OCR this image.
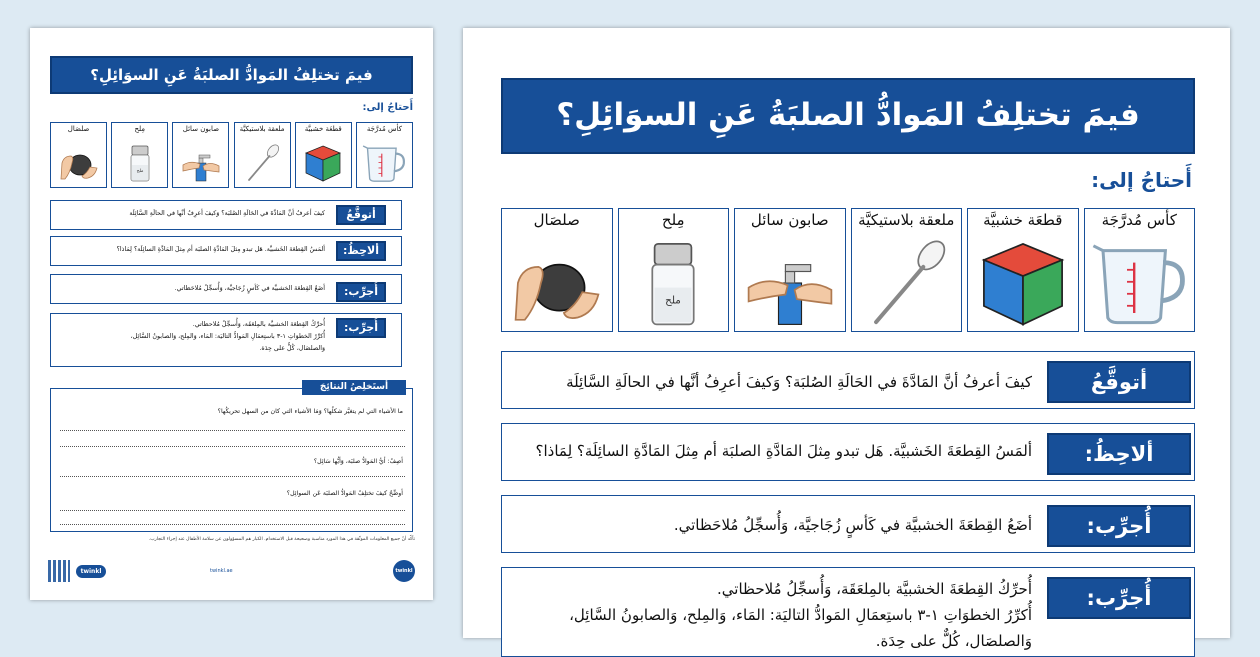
فيمَ تختلِفُ المَوادُّ الصلبَةُ عَنِ السوَائِلِ؟
أَحتاجُ إلى:
كأس مُدرَّجَة
قطعَة خشبيَّة
ملعقة بلاستيكيَّة
صابون سائل
مِلح
ملح
صلصَال
أتوقَّعُ
كيفَ أعرفُ أنَّ المَادَّةَ في الحَالَةِ الصُلبَة؟ وَكيفَ أعرِفُ أنَّها في الحالَةِ السَّائِلَة
ألاحِظُ:
ألمَسُ القِطعَةَ الخَشبيَّة. هَل تبدو مِثلَ المَادَّةِ الصلبَة أم مِثلَ المَادَّةِ السائِلَة؟ لِمَاذا؟
أُجرِّب:
أضَعُ القِطعَةَ الخشبيَّة في كَأسٍ زُجَاجيَّة، وَأُسجِّلُ مُلاحَظاتي.
أُجرِّب:
أُحرِّكُ القِطعَةَ الخشبيَّة بالمِلعَقَة، وَأُسجِّلُ مُلاحظاتي.
أُكرِّرُ الخطوَاتِ ١-٣ باستِعمَالِ المَوادُّ التاليَة: المَاء، وَالمِلح، وَالصابونُ السَّائِل،
وَالصلصَال، كُلٌّ على حِدَة.
أستَخلِصُ النتائِجَ
ما الأشياء التي لم يتغيَّر شكلُها؟ وَمَا الأشياء التي كان من السهل تحريكُها؟
أصِفُ: أيُّ المَوادُّ صلبَة، وَأيُّها سَائِل؟
أوضِّحُ كيفَ تختلِفُ المَوادُّ الصلبَة عَن السوائِل؟
تأكّد أنّ جميع المعلومات الموثّقة في هذا المورد مناسبة وصحيحة قبل الاستخدام. الكبار هم المسؤولون عن سلامة الأطفال عند إجراء التجارب.
twinkl	twinkl.ae	twinkl
فيمَ تختلِفُ المَوادُّ الصلبَةُ عَنِ السوَائِلِ؟
أَحتاجُ إلى:
كأس مُدرَّجَة
قطعَة خشبيَّة
ملعقة بلاستيكيَّة
صابون سائل
مِلح
ملح
صلصَال
أتوقَّعُ
كيفَ أعرفُ أنَّ المَادَّةَ في الحَالَةِ الصُلبَة؟ وَكيفَ أعرِفُ أنَّها في الحالَةِ السَّائِلَة
ألاحِظُ:
ألمَسُ القِطعَةَ الخَشبيَّة. هَل تبدو مِثلَ المَادَّةِ الصلبَة أم مِثلَ المَادَّةِ السائِلَة؟ لِمَاذا؟
أُجرِّب:
أضَعُ القِطعَةَ الخشبيَّة في كَأسٍ زُجَاجيَّة، وَأُسجِّلُ مُلاحَظاتي.
أُجرِّب:
أُحرِّكُ القِطعَةَ الخشبيَّة بالمِلعَقَة، وَأُسجِّلُ مُلاحظاتي.
أُكرِّرُ الخطوَاتِ ١-٣ باستِعمَالِ المَوادُّ التاليَة: المَاء، وَالمِلح، وَالصابونُ السَّائِل،
وَالصلصَال، كُلٌّ على حِدَة.
